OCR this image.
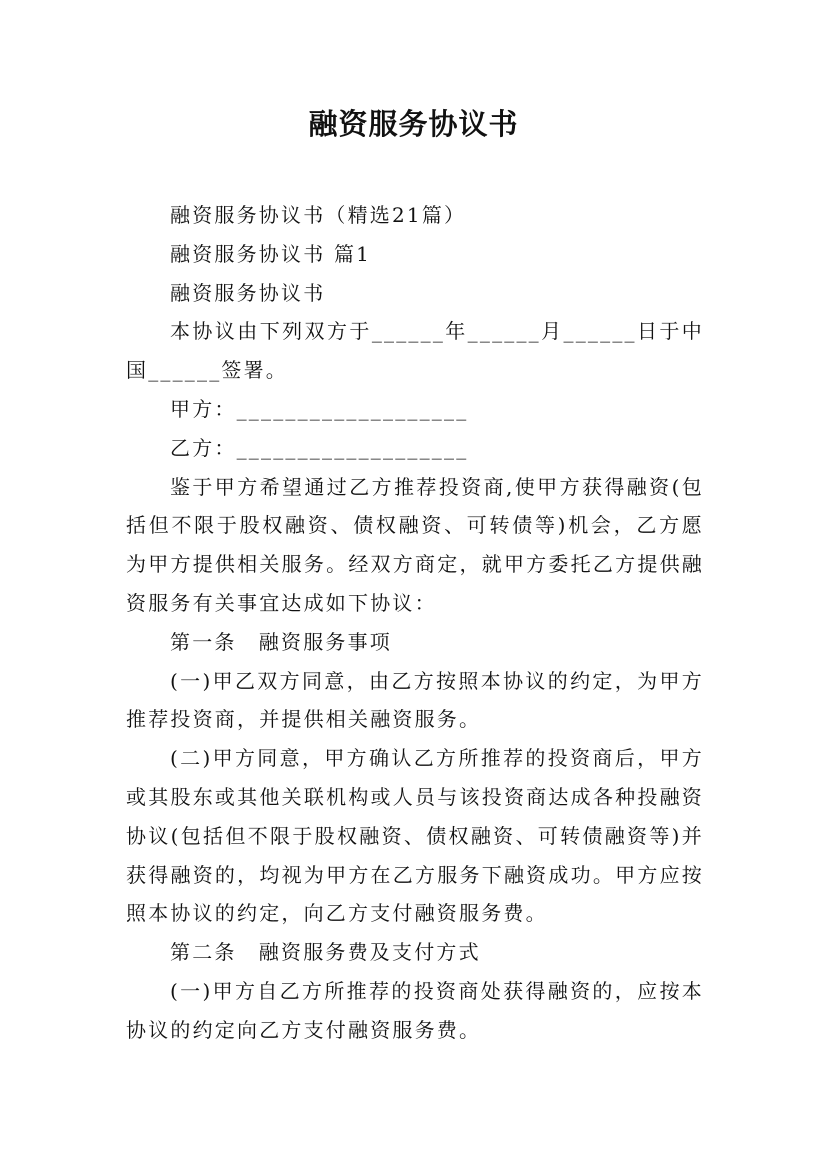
融资服务协议书

融资服务协议书（精选21篇）

融资服务协议书 篇1

融资服务协议书

本协议由下列双方于______年______月______日于中国______签署。

甲方：___________________

乙方：___________________

鉴于甲方希望通过乙方推荐投资商,使甲方获得融资(包括但不限于股权融资、债权融资、可转债等)机会，乙方愿为甲方提供相关服务。经双方商定，就甲方委托乙方提供融资服务有关事宜达成如下协议：

第一条　融资服务事项

(一)甲乙双方同意，由乙方按照本协议的约定，为甲方推荐投资商，并提供相关融资服务。

(二)甲方同意，甲方确认乙方所推荐的投资商后，甲方或其股东或其他关联机构或人员与该投资商达成各种投融资协议(包括但不限于股权融资、债权融资、可转债融资等)并获得融资的，均视为甲方在乙方服务下融资成功。甲方应按照本协议的约定，向乙方支付融资服务费。

第二条　融资服务费及支付方式

(一)甲方自乙方所推荐的投资商处获得融资的，应按本协议的约定向乙方支付融资服务费。
